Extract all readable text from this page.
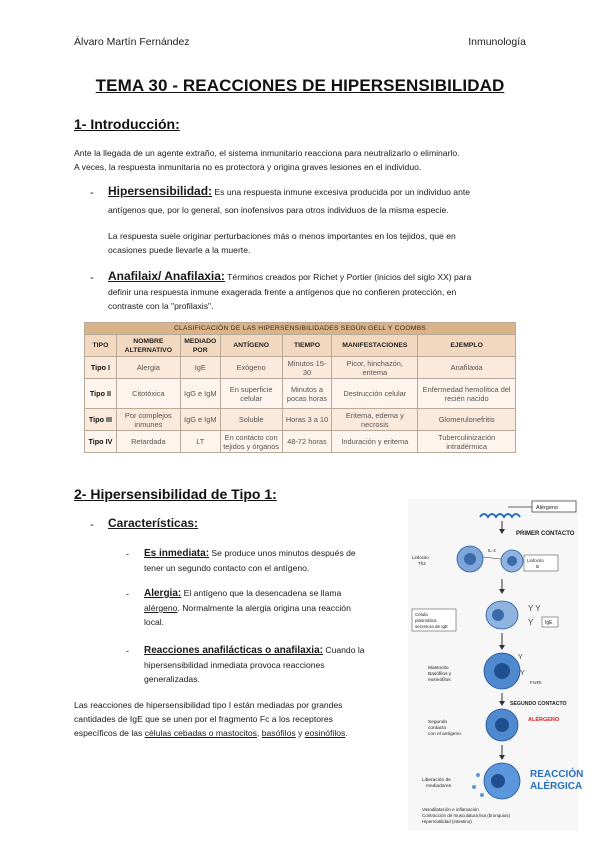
Álvaro Martín Fernández	Inmunología
TEMA 30 - REACCIONES DE HIPERSENSIBILIDAD
1- Introducción:
Ante la llegada de un agente extraño, el sistema inmunitario reacciona para neutralizarlo o eliminarlo.
A veces, la respuesta inmunitaria no es protectora y origina graves lesiones en el individuo.
- Hipersensibilidad: Es una respuesta inmune excesiva producida por un individuo ante
antígenos que, por lo general, son inofensivos para otros individuos de la misma especie.
La respuesta suele originar perturbaciones más o menos importantes en los tejidos, que en
ocasiones puede llevarle a la muerte.
- Anafilaix/ Anafilaxia: Términos creados por Richet y Portier (inicios del siglo XX) para
definir una respuesta inmune exagerada frente a antígenos que no confieren protección, en
contraste con la "profilaxis".
CLASIFICACIÓN DE LAS HIPERSENSIBILIDADES SEGÚN GELL Y COOMBS						
TIPO	NOMBRE ALTERNATIVO	MEDIADO POR	ANTÍGENO	TIEMPO	MANIFESTACIONES	EJEMPLO
Tipo I	Alergia	IgE	Exógeno	Minutos 15-30	Picor, hinchazón, eritema	Anafilaxia
Tipo II	Citotóxica	IgG e IgM	En superficie celular	Minutos a pocas horas	Destrucción celular	Enfermedad hemolítica del recién nacido
Tipo III	Por complejos inmunes	IgG e IgM	Soluble	Horas 3 a 10	Eritema, edema y necrosis	Glomerulonefritis
Tipo IV	Retardada	LT	En contacto con tejidos y órganos	48-72 horas	Induración y eritema	Tuberculinización intradérmica
2- Hipersensibilidad de Tipo 1:
- Características:
- Es inmediata: Se produce unos minutos después de
tener un segundo contacto con el antígeno.
- Alergia: El antígeno que la desencadena se llama
alérgeno. Normalmente la alergia origina una reacción
local.
- Reacciones anafilácticas o anafilaxia: Cuando la
hipersensibilidad inmediata provoca reacciones
generalizadas.
Las reacciones de hipersensibilidad tipo I están mediadas por grandes
cantidades de IgE que se unen por el fragmento Fc a los receptores
específicos de las células cebadas o mastocitos, basófilos y eosinófilos.
Alérgeno
PRIMER CONTACTO
IL-4
Linfocito
Th2
Linfocito
B
Célula
plasmática
secretora de IgE
Y Y
Y IgE
Y
Y
Mastocito
Basófilos y
eosinófilos	FcεRI
SEGUNDO CONTACTO
ALÉRGENO
Segundo
contacto
con el antígeno
Liberación de
mediadores
REACCIÓN
ALÉRGICA
Vasodilatación e inflamación
Contracción de musculatura lisa (bronquios)
Hipermotilidad (intestino)
